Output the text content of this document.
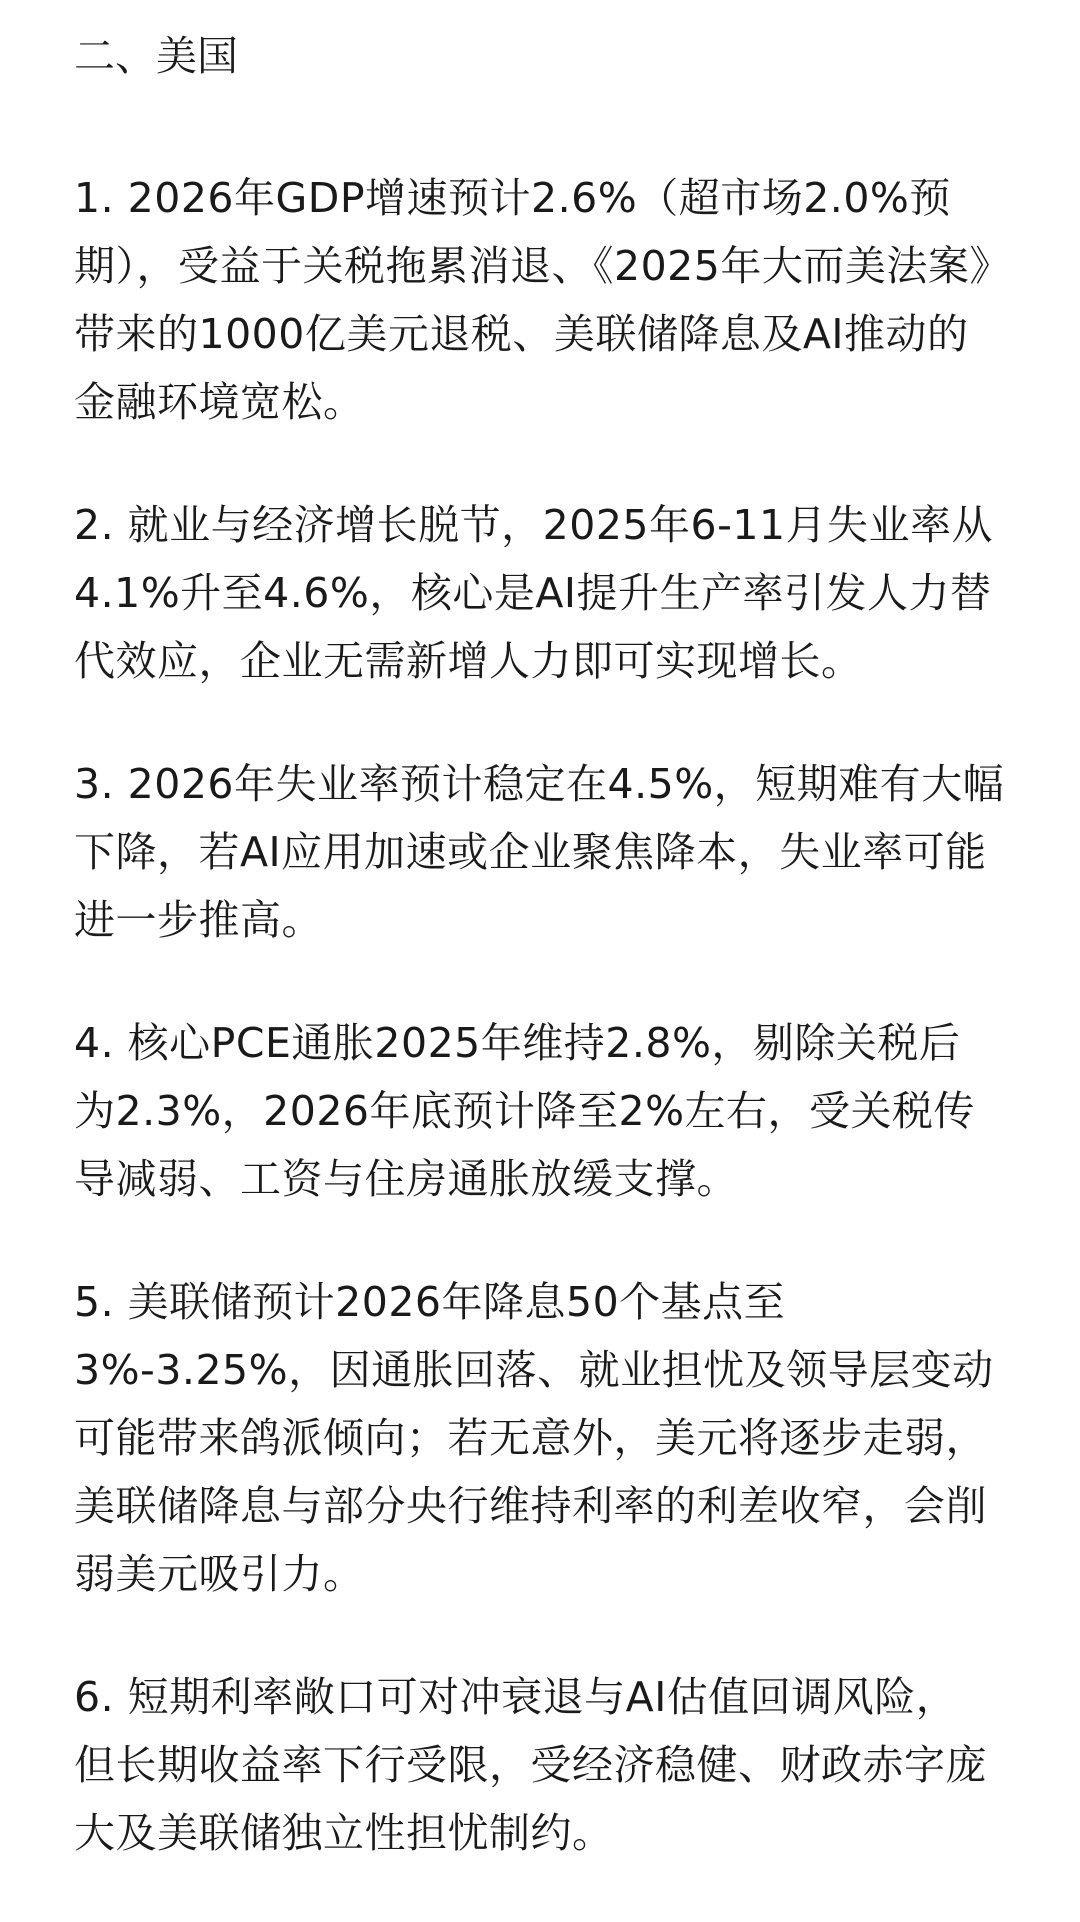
二、美国
1. 2026年GDP增速预计2.6%（超市场2.0%预
期），受益于关税拖累消退、《2025年大而美法案》
带来的1000亿美元退税、美联储降息及AI推动的
金融环境宽松。
2. 就业与经济增长脱节，2025年6-11月失业率从
4.1%升至4.6%，核心是AI提升生产率引发人力替
代效应，企业无需新增人力即可实现增长。
3. 2026年失业率预计稳定在4.5%，短期难有大幅
下降，若AI应用加速或企业聚焦降本，失业率可能
进一步推高。
4. 核心PCE通胀2025年维持2.8%，剔除关税后
为2.3%，2026年底预计降至2%左右，受关税传
导减弱、工资与住房通胀放缓支撑。
5. 美联储预计2026年降息50个基点至
3%-3.25%，因通胀回落、就业担忧及领导层变动
可能带来鸽派倾向；若无意外，美元将逐步走弱，
美联储降息与部分央行维持利率的利差收窄，会削
弱美元吸引力。
6. 短期利率敞口可对冲衰退与AI估值回调风险，
但长期收益率下行受限，受经济稳健、财政赤字庞
大及美联储独立性担忧制约。
